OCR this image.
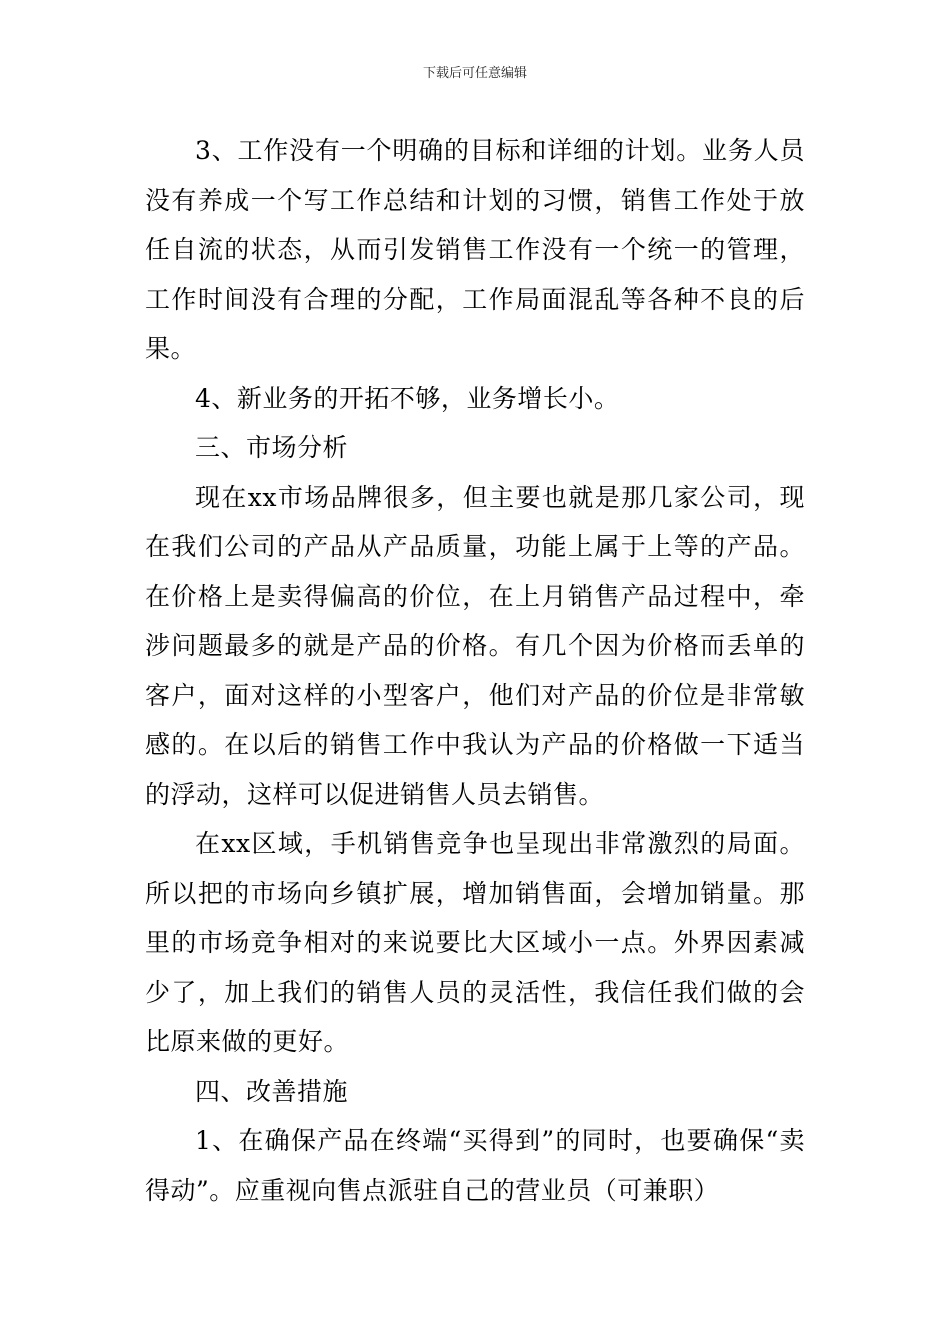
下载后可任意编辑

3、工作没有一个明确的目标和详细的计划。业务人员没有养成一个写工作总结和计划的习惯，销售工作处于放任自流的状态，从而引发销售工作没有一个统一的管理，工作时间没有合理的分配，工作局面混乱等各种不良的后果。

4、新业务的开拓不够，业务增长小。

三、市场分析

现在xx市场品牌很多，但主要也就是那几家公司，现在我们公司的产品从产品质量，功能上属于上等的产品。在价格上是卖得偏高的价位，在上月销售产品过程中，牵涉问题最多的就是产品的价格。有几个因为价格而丢单的客户，面对这样的小型客户，他们对产品的价位是非常敏感的。在以后的销售工作中我认为产品的价格做一下适当的浮动，这样可以促进销售人员去销售。

在xx区域，手机销售竞争也呈现出非常激烈的局面。所以把的市场向乡镇扩展，增加销售面，会增加销量。那里的市场竞争相对的来说要比大区域小一点。外界因素减少了，加上我们的销售人员的灵活性，我信任我们做的会比原来做的更好。

四、改善措施

1、在确保产品在终端“买得到”的同时，也要确保“卖得动”。应重视向售点派驻自己的营业员（可兼职）
